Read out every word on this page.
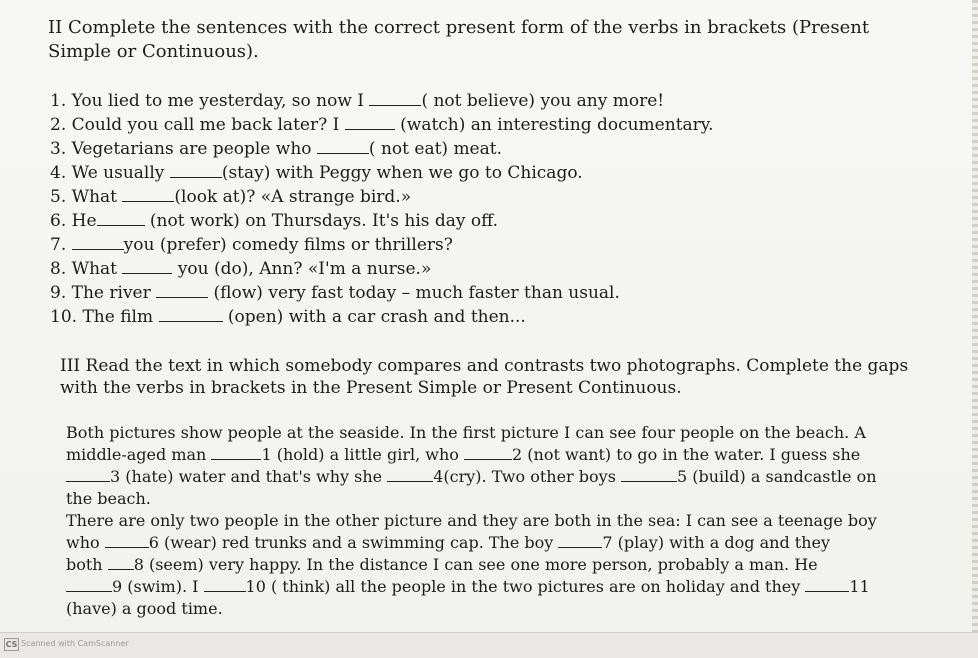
II Complete the sentences with the correct present form of the verbs in brackets (Present
Simple or Continuous).
1. You lied to me yesterday, so now I	( not believe) you any more!
2. Could you call me back later? I	(watch) an interesting documentary.
3. Vegetarians are people who	( not eat) meat.
4. We usually	(stay) with Peggy when we go to Chicago.
5. What	(look at)? «A strange bird.»
6. He	(not work) on Thursdays. It's his day off.
7.	you (prefer) comedy films or thrillers?
8. What	you (do), Ann? «I'm a nurse.»
9. The river	(flow) very fast today – much faster than usual.
10. The film	(open) with a car crash and then...
III Read the text in which somebody compares and contrasts two photographs. Complete the gaps
with the verbs in brackets in the Present Simple or Present Continuous.
Both pictures show people at the seaside. In the first picture I can see four people on the beach. A
middle-aged man	1 (hold) a little girl, who	2 (not want) to go in the water. I guess she
3 (hate) water and that's why she	4(cry). Two other boys	5 (build) a sandcastle on
the beach.
There are only two people in the other picture and they are both in the sea: I can see a teenage boy
who	6 (wear) red trunks and a swimming cap. The boy	7 (play) with a dog and they
both 8 (seem) very happy. In the distance I can see one more person, probably a man. He
9 (swim). I	10 ( think) all the people in the two pictures are on holiday and they	11
(have) a good time.
CS Scanned with CamScanner
